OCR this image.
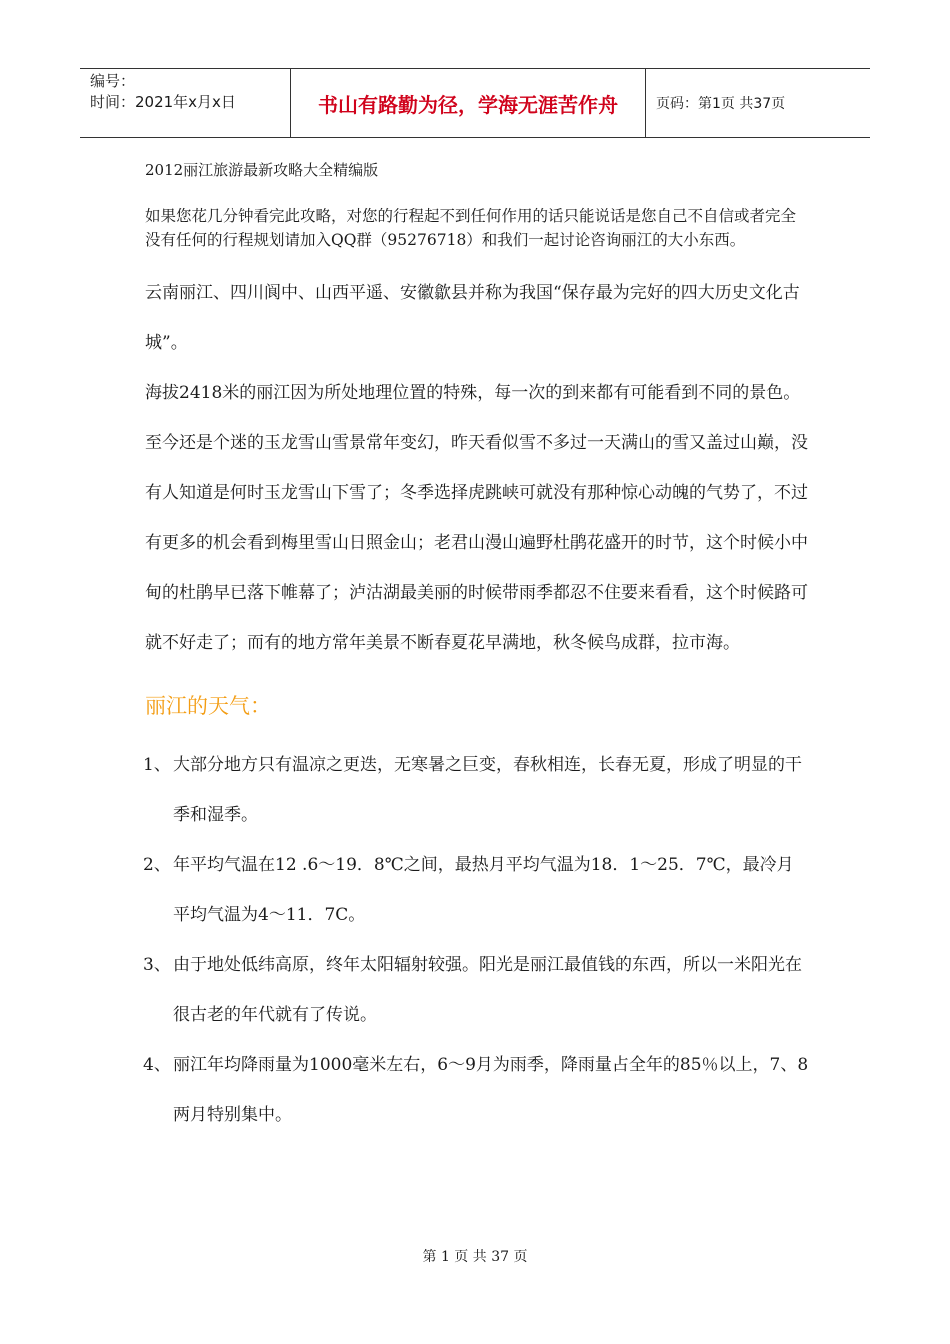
编号：
时间：2021年x月x日	书山有路勤为径，学海无涯苦作舟	页码：第1页 共37页

2012丽江旅游最新攻略大全精编版

如果您花几分钟看完此攻略，对您的行程起不到任何作用的话只能说话是您自己不自信或者完全没有任何的行程规划请加入QQ群（95276718）和我们一起讨论咨询丽江的大小东西。

云南丽江、四川阆中、山西平遥、安徽歙县并称为我国“保存最为完好的四大历史文化古城”。

海拔2418米的丽江因为所处地理位置的特殊，每一次的到来都有可能看到不同的景色。至今还是个迷的玉龙雪山雪景常年变幻，昨天看似雪不多过一天满山的雪又盖过山巅，没有人知道是何时玉龙雪山下雪了；冬季选择虎跳峡可就没有那种惊心动魄的气势了，不过有更多的机会看到梅里雪山日照金山；老君山漫山遍野杜鹃花盛开的时节，这个时候小中甸的杜鹃早已落下帷幕了；泸沽湖最美丽的时候带雨季都忍不住要来看看，这个时候路可就不好走了；而有的地方常年美景不断春夏花早满地，秋冬候鸟成群，拉市海。

丽江的天气：
1、 大部分地方只有温凉之更迭，无寒暑之巨变，春秋相连，长春无夏，形成了明显的干季和湿季。
2、 年平均气温在12 .6～19．8℃之间，最热月平均气温为18．1～25．7℃，最冷月平均气温为4～11．7C。
3、 由于地处低纬高原，终年太阳辐射较强。阳光是丽江最值钱的东西，所以一米阳光在很古老的年代就有了传说。
4、 丽江年均降雨量为1000毫米左右，6～9月为雨季，降雨量占全年的85％以上，7、8两月特别集中。
第 1 页 共 37 页
